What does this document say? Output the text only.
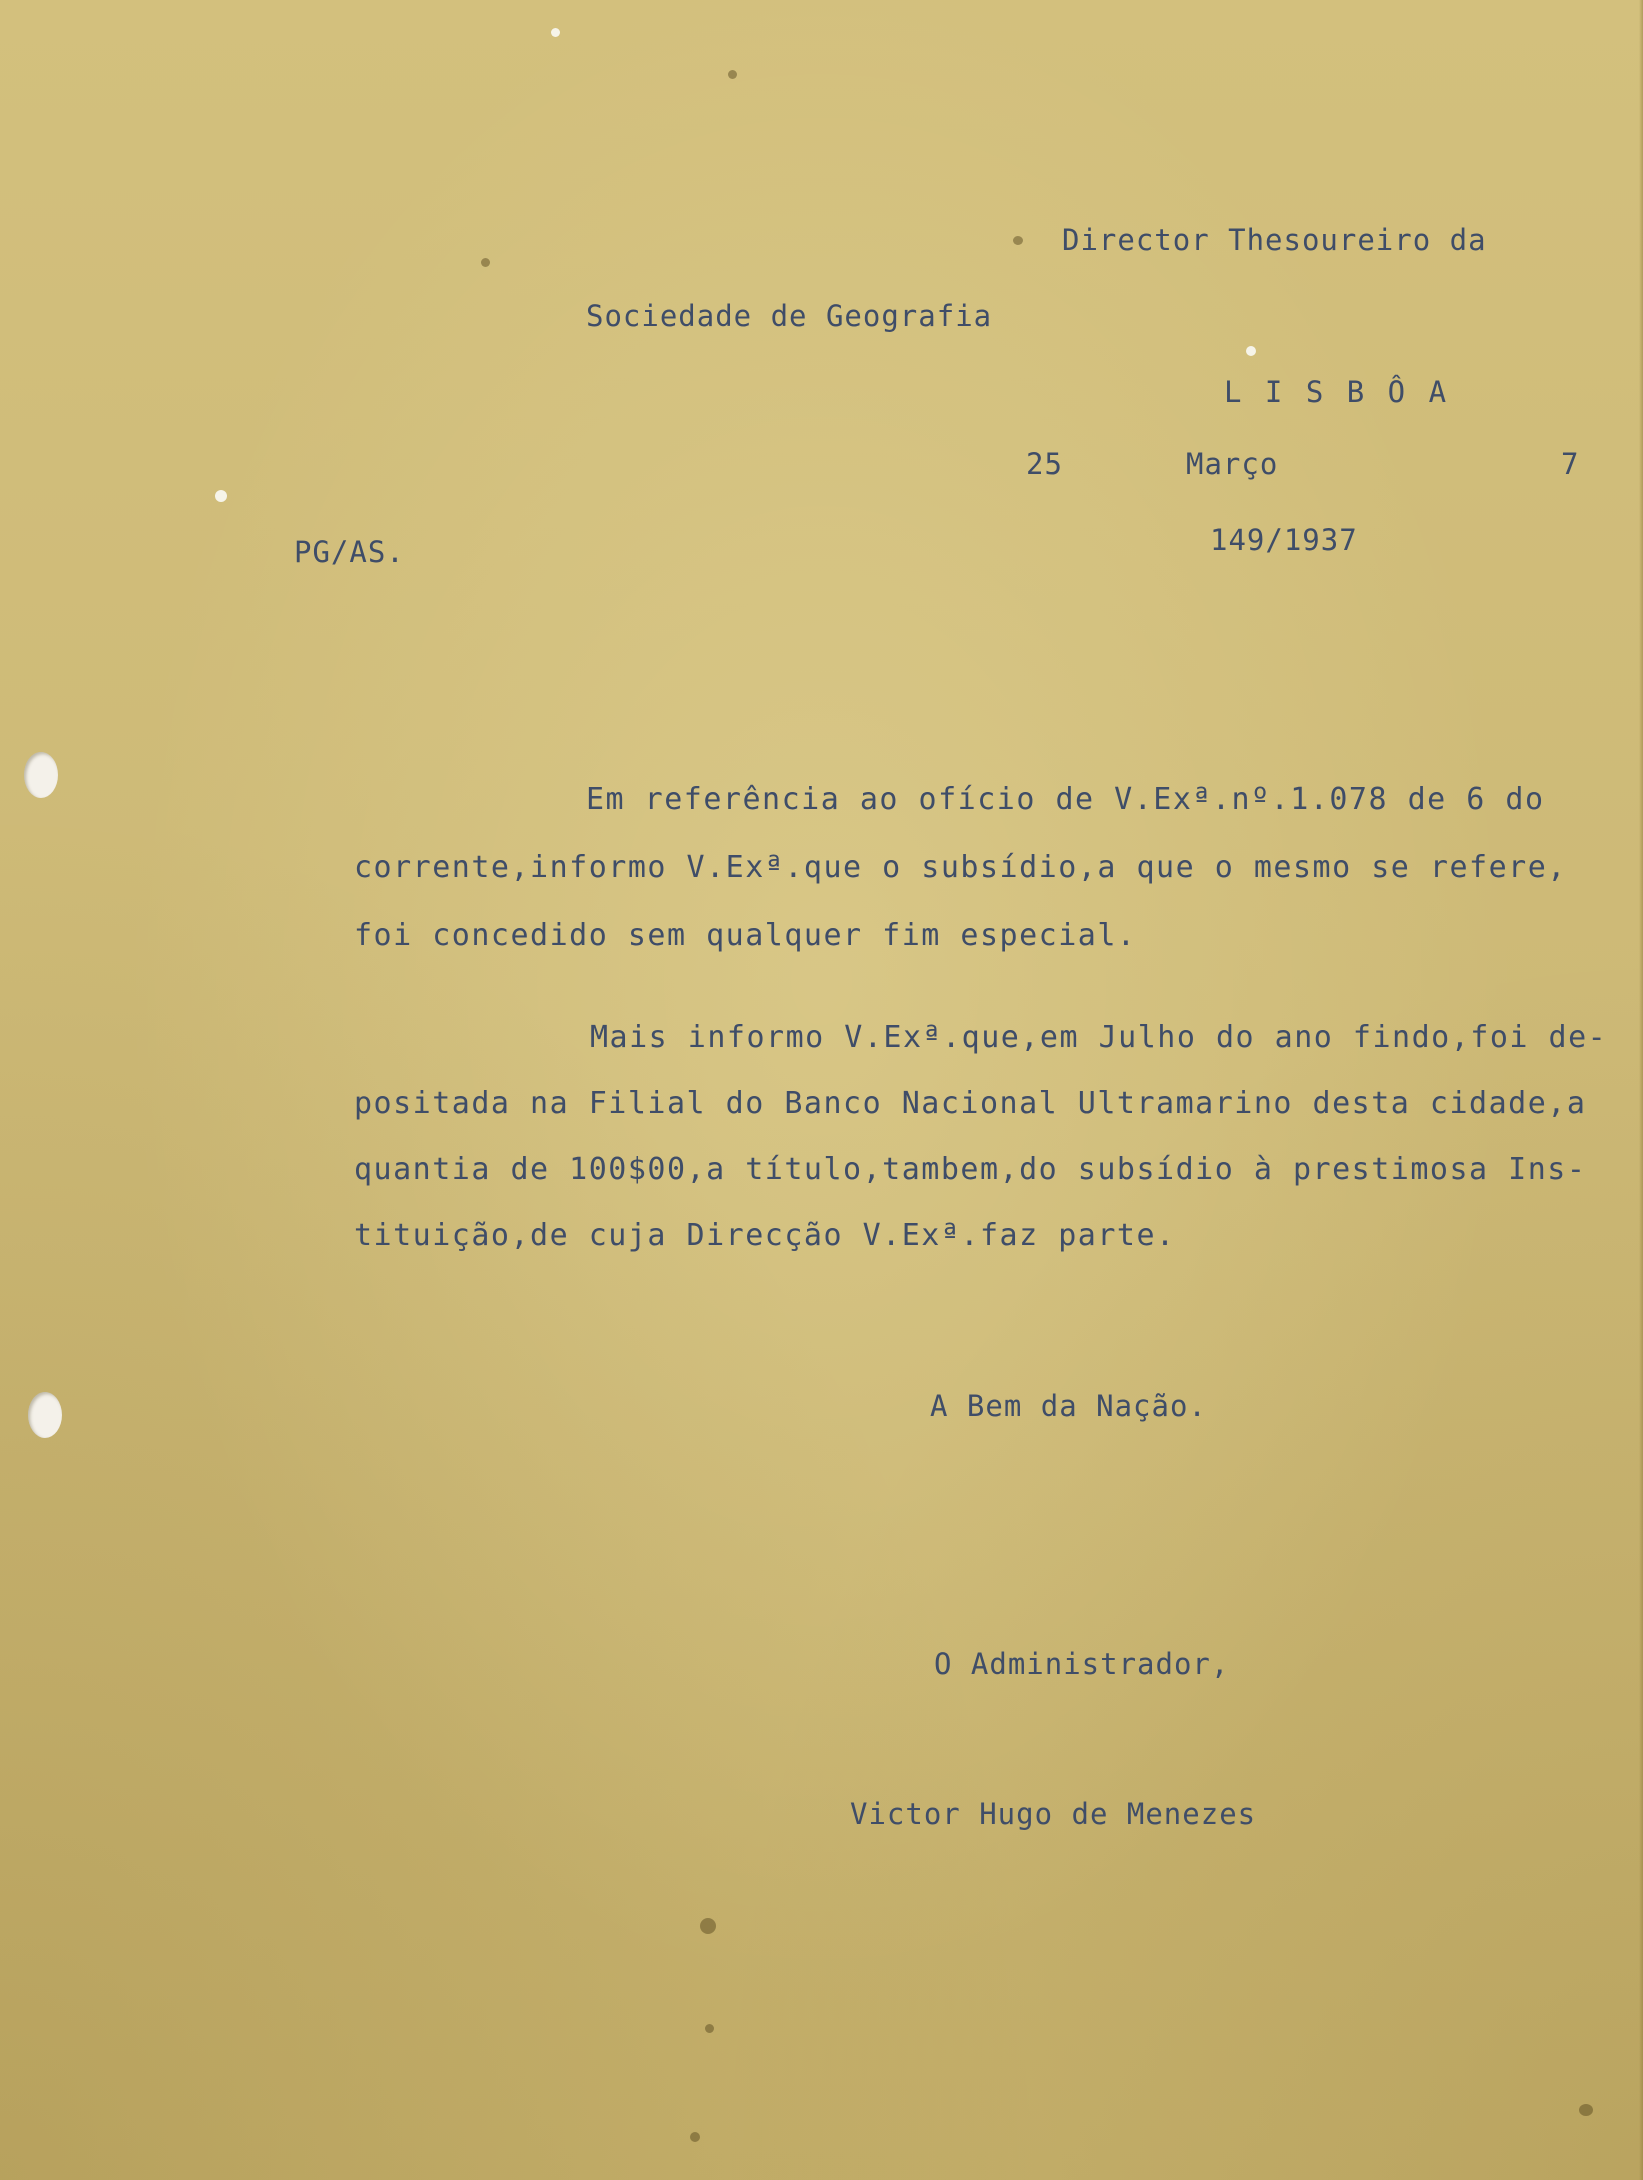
Director Thesoureiro da
Sociedade de Geografia
L I S B Ô A
25	Março	7
PG/AS.	149/1937
Em referência ao ofício de V.Exª.nº.1.078 de 6 do
corrente,informo V.Exª.que o subsídio,a que o mesmo se refere,
foi concedido sem qualquer fim especial.
Mais informo V.Exª.que,em Julho do ano findo,foi de-
positada na Filial do Banco Nacional Ultramarino desta cidade,a
quantia de 100$00,a título,tambem,do subsídio à prestimosa Ins-
tituição,de cuja Direcção V.Exª.faz parte.
A Bem da Nação.
O Administrador,
Victor Hugo de Menezes
